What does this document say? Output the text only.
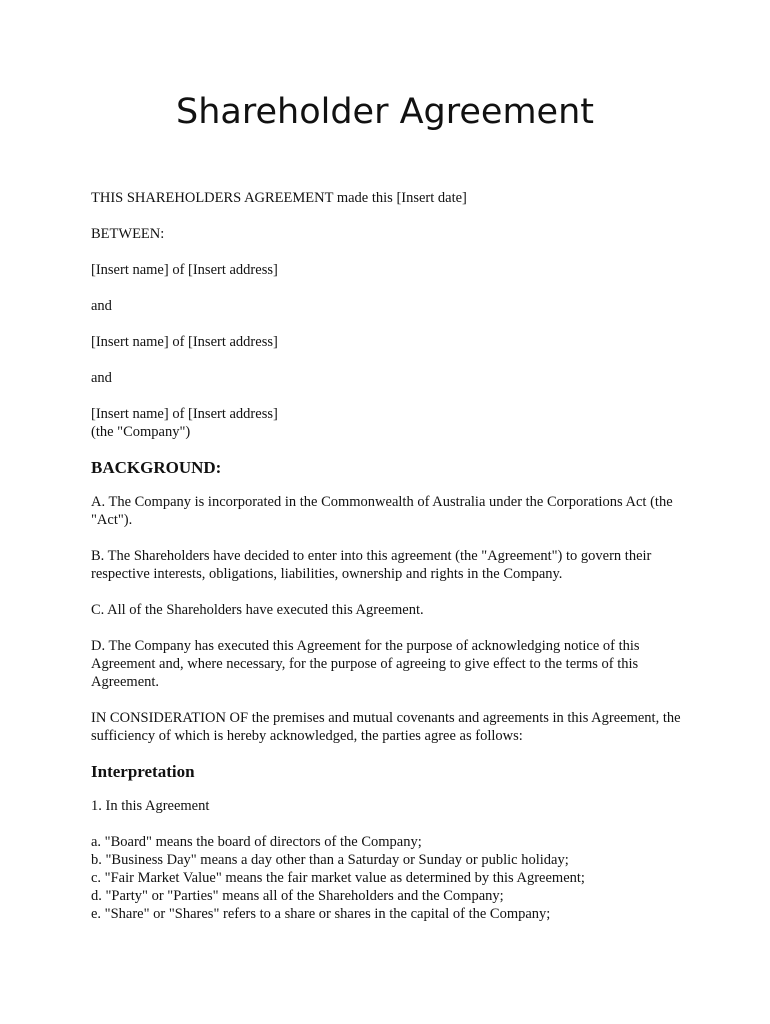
Shareholder Agreement

THIS SHAREHOLDERS AGREEMENT made this [Insert date]

BETWEEN:

[Insert name] of [Insert address]

and

[Insert name] of [Insert address]

and

[Insert name] of [Insert address]
(the "Company")

BACKGROUND:

A. The Company is incorporated in the Commonwealth of Australia under the Corporations Act (the "Act").

B. The Shareholders have decided to enter into this agreement (the "Agreement") to govern their respective interests, obligations, liabilities, ownership and rights in the Company.

C. All of the Shareholders have executed this Agreement.

D. The Company has executed this Agreement for the purpose of acknowledging notice of this Agreement and, where necessary, for the purpose of agreeing to give effect to the terms of this Agreement.

IN CONSIDERATION OF the premises and mutual covenants and agreements in this Agreement, the sufficiency of which is hereby acknowledged, the parties agree as follows:

Interpretation

1. In this Agreement

a. "Board" means the board of directors of the Company;

b. "Business Day" means a day other than a Saturday or Sunday or public holiday;

c. "Fair Market Value" means the fair market value as determined by this Agreement;

d. "Party" or "Parties" means all of the Shareholders and the Company;

e. "Share" or "Shares" refers to a share or shares in the capital of the Company;
